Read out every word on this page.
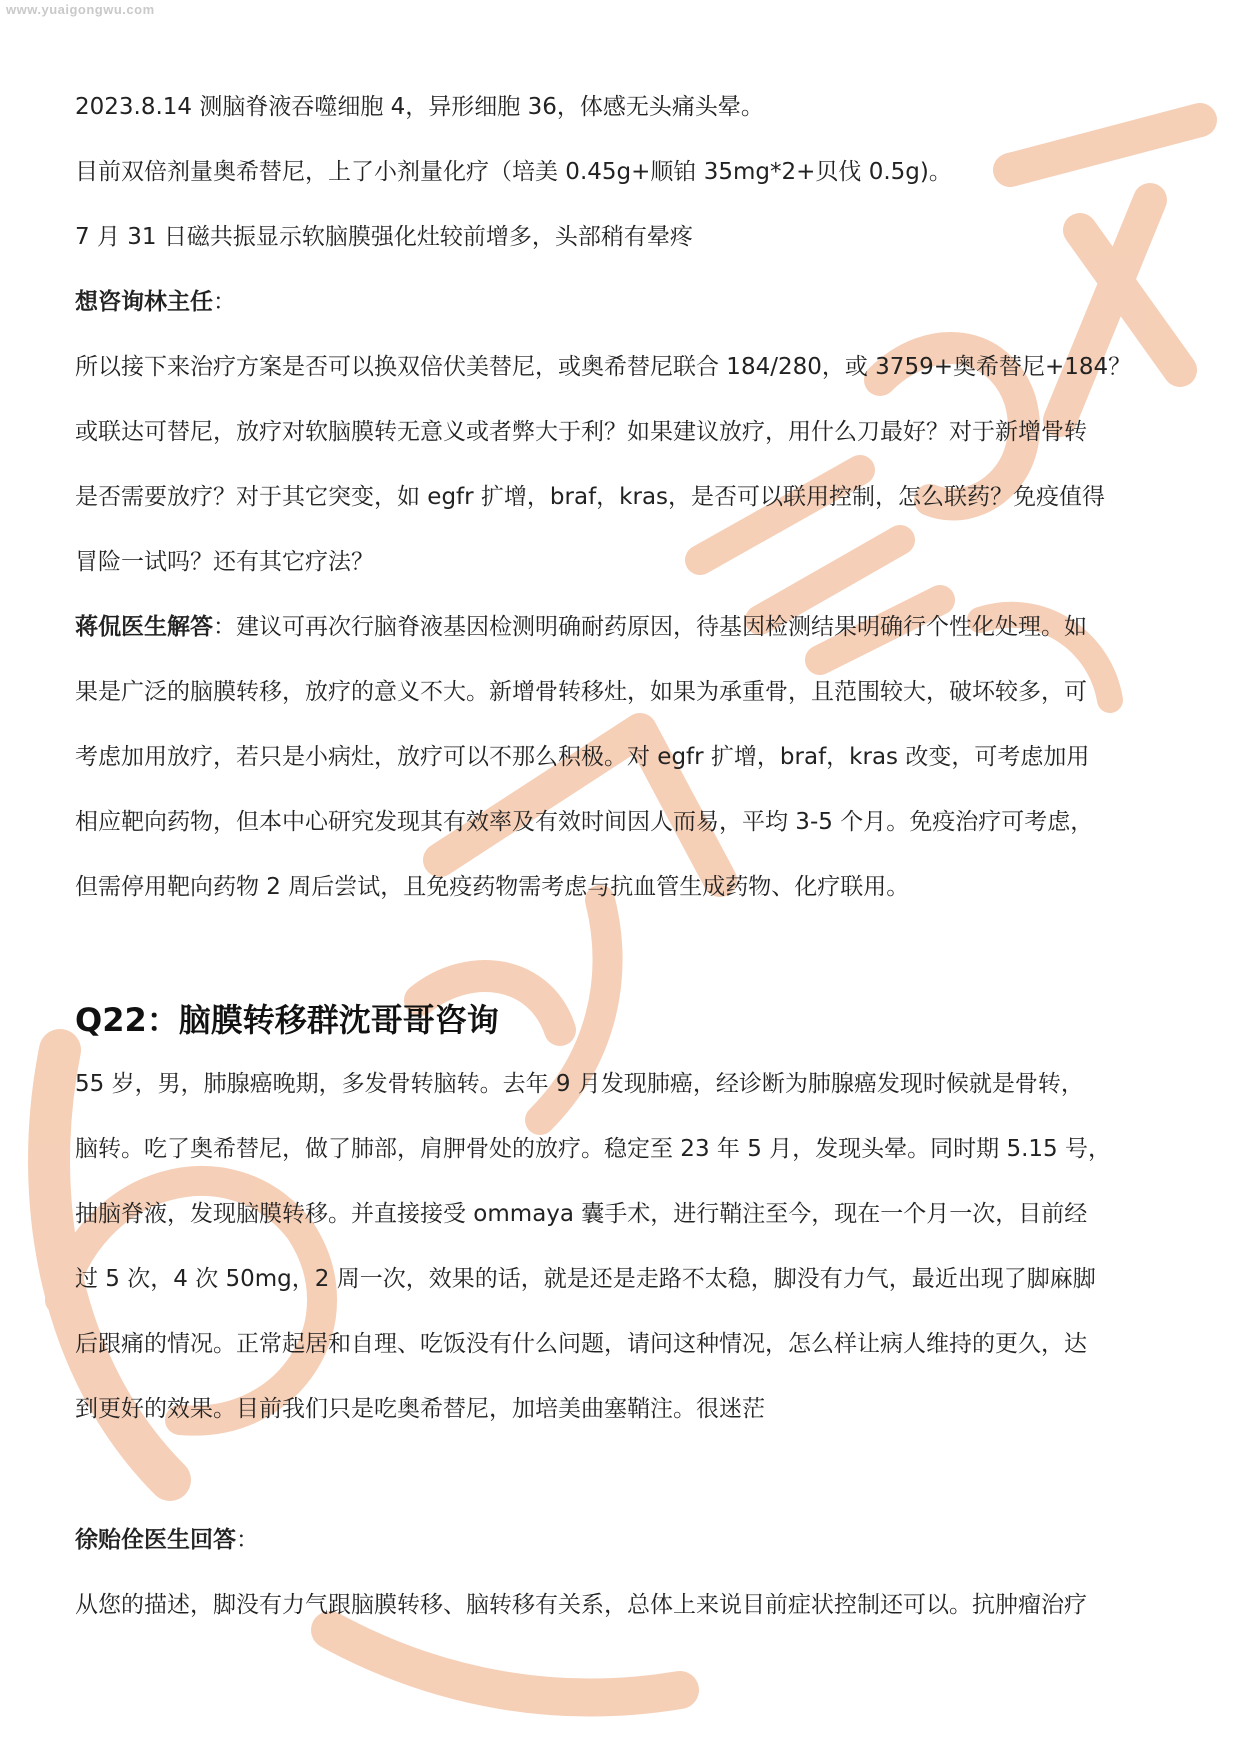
www.yuaigongwu.com

2023.8.14 测脑脊液吞噬细胞 4，异形细胞 36，体感无头痛头晕。

目前双倍剂量奥希替尼，上了小剂量化疗（培美 0.45g+顺铂 35mg*2+贝伐 0.5g)。

7 月 31 日磁共振显示软脑膜强化灶较前增多，头部稍有晕疼

想咨询林主任：

所以接下来治疗方案是否可以换双倍伏美替尼，或奥希替尼联合 184/280，或 3759+奥希替尼+184？
或联达可替尼，放疗对软脑膜转无意义或者弊大于利？如果建议放疗，用什么刀最好？对于新增骨转
是否需要放疗？对于其它突变，如 egfr 扩增，braf，kras，是否可以联用控制，怎么联药？免疫值得
冒险一试吗？还有其它疗法？

蒋侃医生解答：建议可再次行脑脊液基因检测明确耐药原因，待基因检测结果明确行个性化处理。如
果是广泛的脑膜转移，放疗的意义不大。新增骨转移灶，如果为承重骨，且范围较大，破坏较多，可
考虑加用放疗，若只是小病灶，放疗可以不那么积极。对 egfr 扩增，braf，kras 改变，可考虑加用
相应靶向药物，但本中心研究发现其有效率及有效时间因人而易，平均 3-5 个月。免疫治疗可考虑，
但需停用靶向药物 2 周后尝试，且免疫药物需考虑与抗血管生成药物、化疗联用。

Q22：脑膜转移群沈哥哥咨询

55 岁，男，肺腺癌晚期，多发骨转脑转。去年 9 月发现肺癌，经诊断为肺腺癌发现时候就是骨转，
脑转。吃了奥希替尼，做了肺部，肩胛骨处的放疗。稳定至 23 年 5 月，发现头晕。同时期 5.15 号，
抽脑脊液，发现脑膜转移。并直接接受 ommaya 囊手术，进行鞘注至今，现在一个月一次，目前经
过 5 次，4 次 50mg，2 周一次，效果的话，就是还是走路不太稳，脚没有力气，最近出现了脚麻脚
后跟痛的情况。正常起居和自理、吃饭没有什么问题，请问这种情况，怎么样让病人维持的更久，达
到更好的效果。目前我们只是吃奥希替尼，加培美曲塞鞘注。很迷茫

徐贻佺医生回答：

从您的描述，脚没有力气跟脑膜转移、脑转移有关系，总体上来说目前症状控制还可以。抗肿瘤治疗
